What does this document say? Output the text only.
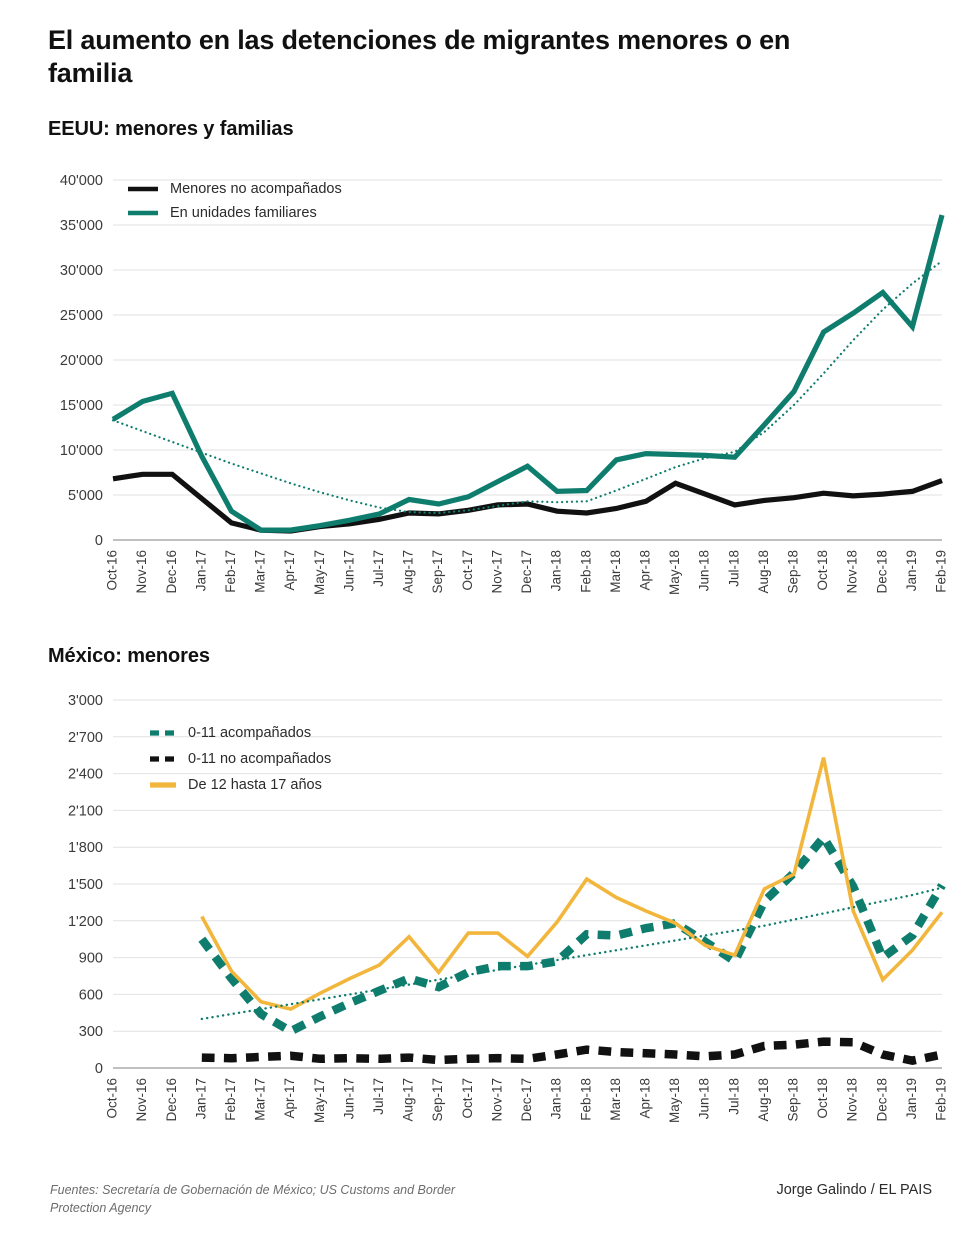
El aumento en las detenciones de migrantes menores o en familia
EEUU: menores y familias
0
5'000
10'000
15'000
20'000
25'000
30'000
35'000
40'000
Oct-16 Nov-16 Dec-16 Jan-17 Feb-17 Mar-17 Apr-17 May-17 Jun-17 Jul-17 Aug-17 Sep-17 Oct-17 Nov-17 Dec-17 Jan-18 Feb-18 Mar-18 Apr-18 May-18 Jun-18 Jul-18 Aug-18 Sep-18 Oct-18 Nov-18 Dec-18 Jan-19 Feb-19
Menores no acompañados
En unidades familiares
México: menores
0
300
600
900
1'200
1'500
1'800
2'100
2'400
2'700
3'000
Oct-16 Nov-16 Dec-16 Jan-17 Feb-17 Mar-17 Apr-17 May-17 Jun-17 Jul-17 Aug-17 Sep-17 Oct-17 Nov-17 Dec-17 Jan-18 Feb-18 Mar-18 Apr-18 May-18 Jun-18 Jul-18 Aug-18 Sep-18 Oct-18 Nov-18 Dec-18 Jan-19 Feb-19
0-11 acompañados
0-11 no acompañados
De 12 hasta 17 años
Fuentes: Secretaría de Gobernación de México; US Customs and Border Protection Agency
Jorge Galindo / EL PAIS
